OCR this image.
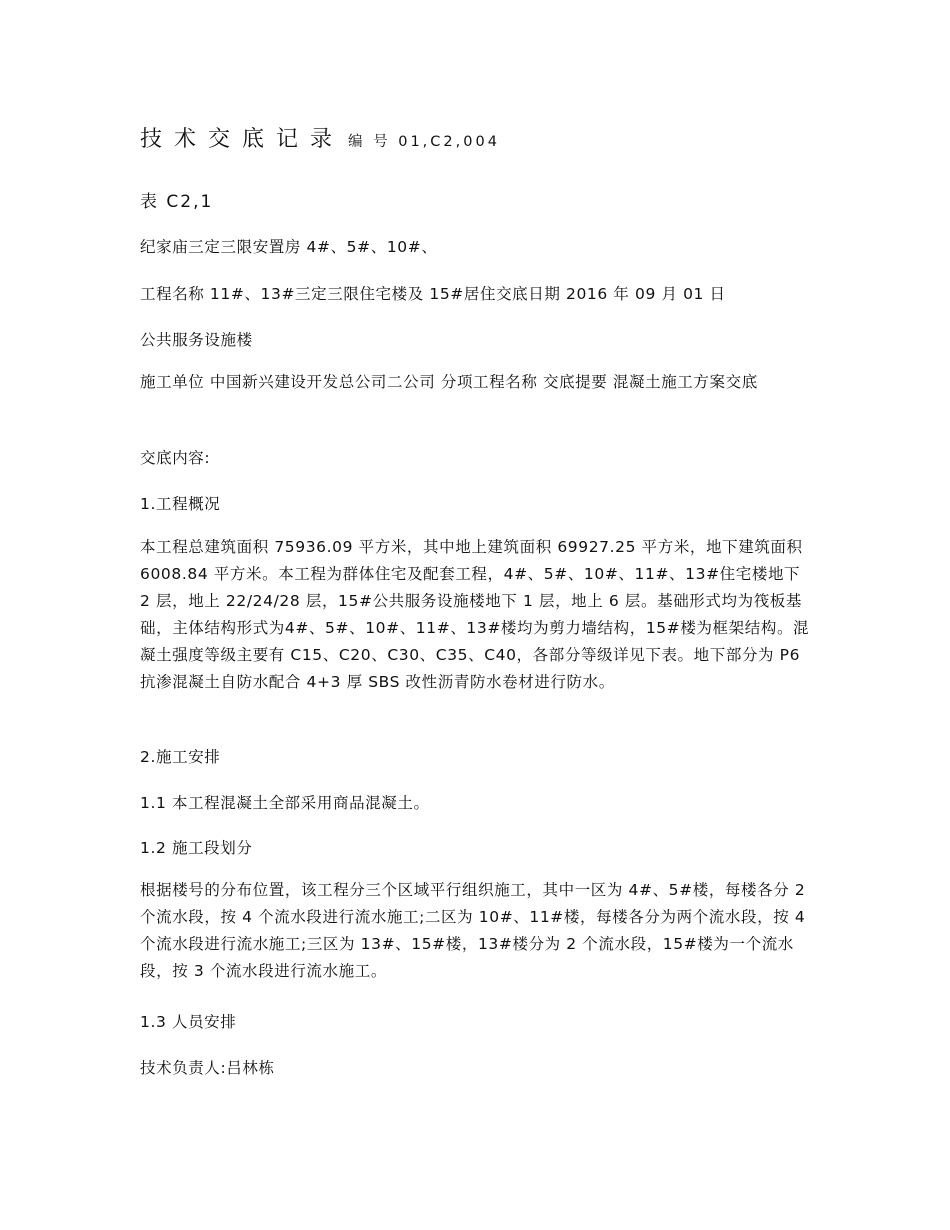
技术交底记录 编 号 01,C2,004
表 C2,1
纪家庙三定三限安置房 4#、5#、10#、
工程名称 11#、13#三定三限住宅楼及 15#居住交底日期 2016 年 09 月 01 日
公共服务设施楼
施工单位 中国新兴建设开发总公司二公司 分项工程名称 交底提要 混凝土施工方案交底
交底内容:
1.工程概况
本工程总建筑面积 75936.09 平方米，其中地上建筑面积 69927.25 平方米，地下建筑面积 6008.84 平方米。本工程为群体住宅及配套工程，4#、5#、10#、11#、13#住宅楼地下 2 层，地上 22/24/28 层，15#公共服务设施楼地下 1 层，地上 6 层。基础形式均为筏板基础，主体结构形式为4#、5#、10#、11#、13#楼均为剪力墙结构，15#楼为框架结构。混凝土强度等级主要有 C15、C20、C30、C35、C40，各部分等级详见下表。地下部分为 P6 抗渗混凝土自防水配合 4+3 厚 SBS 改性沥青防水卷材进行防水。
2.施工安排
1.1 本工程混凝土全部采用商品混凝土。
1.2 施工段划分
根据楼号的分布位置，该工程分三个区域平行组织施工，其中一区为 4#、5#楼，每楼各分 2 个流水段，按 4 个流水段进行流水施工;二区为 10#、11#楼，每楼各分为两个流水段，按 4 个流水段进行流水施工;三区为 13#、15#楼，13#楼分为 2 个流水段，15#楼为一个流水段，按 3 个流水段进行流水施工。
1.3 人员安排
技术负责人:吕林栋
